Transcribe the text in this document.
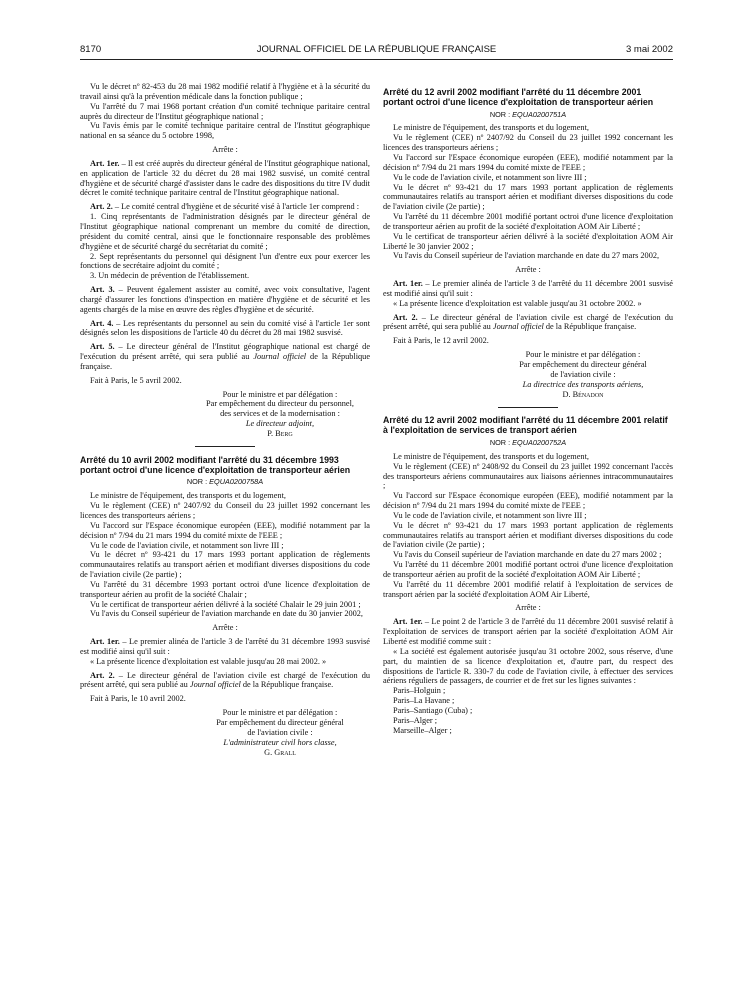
8170	JOURNAL OFFICIEL DE LA RÉPUBLIQUE FRANÇAISE	3 mai 2002

Vu le décret nº 82-453 du 28 mai 1982 modifié relatif à l'hygiène et à la sécurité du travail ainsi qu'à la prévention médicale dans la fonction publique ;

Vu l'arrêté du 7 mai 1968 portant création d'un comité technique paritaire central auprès du directeur de l'Institut géographique national ;

Vu l'avis émis par le comité technique paritaire central de l'Institut géographique national en sa séance du 5 octobre 1998,

Arrête :

Art. 1er. – Il est créé auprès du directeur général de l'Institut géographique national, en application de l'article 32 du décret du 28 mai 1982 susvisé, un comité central d'hygiène et de sécurité chargé d'assister dans le cadre des dispositions du titre IV dudit décret le comité technique paritaire central de l'Institut géographique national.

Art. 2. – Le comité central d'hygiène et de sécurité visé à l'article 1er comprend :

1. Cinq représentants de l'administration désignés par le directeur général de l'Institut géographique national comprenant un membre du comité de direction, président du comité central, ainsi que le fonctionnaire responsable des problèmes d'hygiène et de sécurité chargé du secrétariat du comité ;

2. Sept représentants du personnel qui désignent l'un d'entre eux pour exercer les fonctions de secrétaire adjoint du comité ;

3. Un médecin de prévention de l'établissement.

Art. 3. – Peuvent également assister au comité, avec voix consultative, l'agent chargé d'assurer les fonctions d'inspection en matière d'hygiène et de sécurité et les agents chargés de la mise en œuvre des règles d'hygiène et de sécurité.

Art. 4. – Les représentants du personnel au sein du comité visé à l'article 1er sont désignés selon les dispositions de l'article 40 du décret du 28 mai 1982 susvisé.

Art. 5. – Le directeur général de l'Institut géographique national est chargé de l'exécution du présent arrêté, qui sera publié au Journal officiel de la République française.

Fait à Paris, le 5 avril 2002.

Pour le ministre et par délégation :

Par empêchement du directeur du personnel,

des services et de la modernisation :

Le directeur adjoint,

P. Berg

Arrêté du 10 avril 2002 modifiant l'arrêté du 31 décembre 1993 portant octroi d'une licence d'exploitation de transporteur aérien

NOR : EQUA0200758A

Le ministre de l'équipement, des transports et du logement,

Vu le règlement (CEE) nº 2407/92 du Conseil du 23 juillet 1992 concernant les licences des transporteurs aériens ;

Vu l'accord sur l'Espace économique européen (EEE), modifié notamment par la décision nº 7/94 du 21 mars 1994 du comité mixte de l'EEE ;

Vu le code de l'aviation civile, et notamment son livre III ;

Vu le décret nº 93-421 du 17 mars 1993 portant application de règlements communautaires relatifs au transport aérien et modifiant diverses dispositions du code de l'aviation civile (2e partie) ;

Vu l'arrêté du 31 décembre 1993 portant octroi d'une licence d'exploitation de transporteur aérien au profit de la société Chalair ;

Vu le certificat de transporteur aérien délivré à la société Chalair le 29 juin 2001 ;

Vu l'avis du Conseil supérieur de l'aviation marchande en date du 30 janvier 2002,

Arrête :

Art. 1er. – Le premier alinéa de l'article 3 de l'arrêté du 31 décembre 1993 susvisé est modifié ainsi qu'il suit :

« La présente licence d'exploitation est valable jusqu'au 28 mai 2002. »

Art. 2. – Le directeur général de l'aviation civile est chargé de l'exécution du présent arrêté, qui sera publié au Journal officiel de la République française.

Fait à Paris, le 10 avril 2002.

Pour le ministre et par délégation :

Par empêchement du directeur général

de l'aviation civile :

L'administrateur civil hors classe,

G. Grall

Arrêté du 12 avril 2002 modifiant l'arrêté du 11 décembre 2001 portant octroi d'une licence d'exploitation de transporteur aérien

NOR : EQUA0200751A

Le ministre de l'équipement, des transports et du logement,

Vu le règlement (CEE) nº 2407/92 du Conseil du 23 juillet 1992 concernant les licences des transporteurs aériens ;

Vu l'accord sur l'Espace économique européen (EEE), modifié notamment par la décision nº 7/94 du 21 mars 1994 du comité mixte de l'EEE ;

Vu le code de l'aviation civile, et notamment son livre III ;

Vu le décret nº 93-421 du 17 mars 1993 portant application de règlements communautaires relatifs au transport aérien et modifiant diverses dispositions du code de l'aviation civile (2e partie) ;

Vu l'arrêté du 11 décembre 2001 modifié portant octroi d'une licence d'exploitation de transporteur aérien au profit de la société d'exploitation AOM Air Liberté ;

Vu le certificat de transporteur aérien délivré à la société d'exploitation AOM Air Liberté le 30 janvier 2002 ;

Vu l'avis du Conseil supérieur de l'aviation marchande en date du 27 mars 2002,

Arrête :

Art. 1er. – Le premier alinéa de l'article 3 de l'arrêté du 11 décembre 2001 susvisé est modifié ainsi qu'il suit :

« La présente licence d'exploitation est valable jusqu'au 31 octobre 2002. »

Art. 2. – Le directeur général de l'aviation civile est chargé de l'exécution du présent arrêté, qui sera publié au Journal officiel de la République française.

Fait à Paris, le 12 avril 2002.

Pour le ministre et par délégation :

Par empêchement du directeur général

de l'aviation civile :

La directrice des transports aériens,

D. Bénadon

Arrêté du 12 avril 2002 modifiant l'arrêté du 11 décembre 2001 relatif à l'exploitation de services de transport aérien

NOR : EQUA0200752A

Le ministre de l'équipement, des transports et du logement,

Vu le règlement (CEE) nº 2408/92 du Conseil du 23 juillet 1992 concernant l'accès des transporteurs aériens communautaires aux liaisons aériennes intracommunautaires ;

Vu l'accord sur l'Espace économique européen (EEE), modifié notamment par la décision nº 7/94 du 21 mars 1994 du comité mixte de l'EEE ;

Vu le code de l'aviation civile, et notamment son livre III ;

Vu le décret nº 93-421 du 17 mars 1993 portant application de règlements communautaires relatifs au transport aérien et modifiant diverses dispositions du code de l'aviation civile (2e partie) ;

Vu l'avis du Conseil supérieur de l'aviation marchande en date du 27 mars 2002 ;

Vu l'arrêté du 11 décembre 2001 modifié portant octroi d'une licence d'exploitation de transporteur aérien au profit de la société d'exploitation AOM Air Liberté ;

Vu l'arrêté du 11 décembre 2001 modifié relatif à l'exploitation de services de transport aérien par la société d'exploitation AOM Air Liberté,

Arrête :

Art. 1er. – Le point 2 de l'article 3 de l'arrêté du 11 décembre 2001 susvisé relatif à l'exploitation de services de transport aérien par la société d'exploitation AOM Air Liberté est modifié comme suit :

« La société est également autorisée jusqu'au 31 octobre 2002, sous réserve, d'une part, du maintien de sa licence d'exploitation et, d'autre part, du respect des dispositions de l'article R. 330-7 du code de l'aviation civile, à effectuer des services aériens réguliers de passagers, de courrier et de fret sur les lignes suivantes :

Paris–Holguin ;

Paris–La Havane ;

Paris–Santiago (Cuba) ;

Paris–Alger ;

Marseille–Alger ;
